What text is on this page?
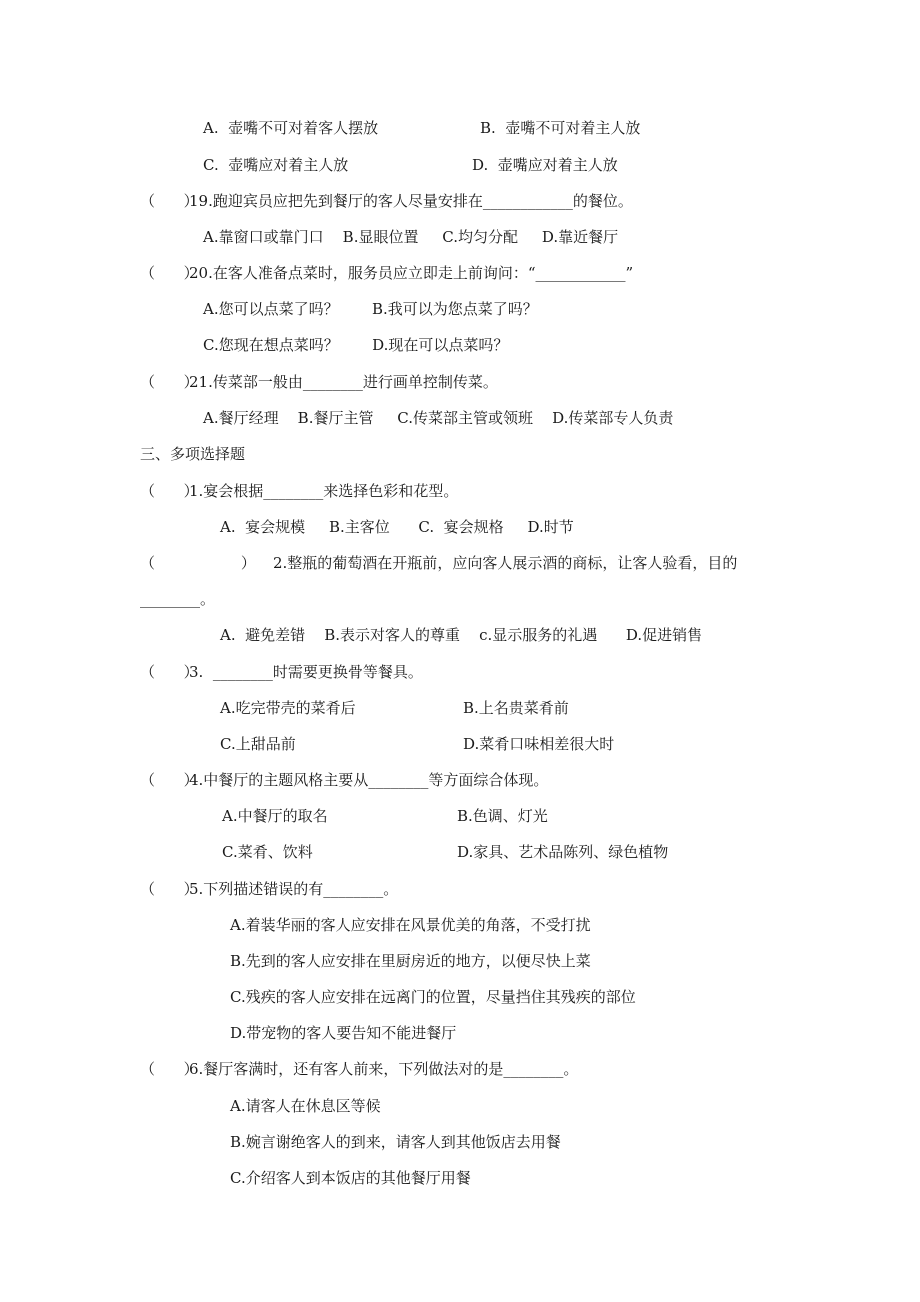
A.  壶嘴不可对着客人摆放	B.  壶嘴不可对着主人放
C.  壶嘴应对着主人放	D.  壶嘴应对着主人放
（      ）
19.跑迎宾员应把先到餐厅的客人尽量安排在____________的餐位。
A.靠窗口或靠门口    B.显眼位置     C.均匀分配     D.靠近餐厅
（      ）
20.在客人准备点菜时，服务员应立即走上前询问：“____________”
A.您可以点菜了吗？       B.我可以为您点菜了吗？
C.您现在想点菜吗？       D.现在可以点菜吗？
（      ）
21.传菜部一般由________进行画单控制传菜。
A.餐厅经理    B.餐厅主管     C.传菜部主管或领班    D.传菜部专人负责
三、多项选择题
（      ）
1.宴会根据________来选择色彩和花型。
A.  宴会规模     B.主客位      C.  宴会规格     D.时节
（                  ） 2.整瓶的葡萄酒在开瓶前，应向客人展示酒的商标，让客人验看，目的
________。
A.  避免差错    B.表示对客人的尊重    c.显示服务的礼遇      D.促进销售
（      ）
3.  ________时需要更换骨等餐具。
A.吃完带壳的菜肴后	B.上名贵菜肴前
C.上甜品前	D.菜肴口味相差很大时
（      ）
4.中餐厅的主题风格主要从________等方面综合体现。
A.中餐厅的取名	B.色调、灯光
C.菜肴、饮料	D.家具、艺术品陈列、绿色植物
（      ）
5.下列描述错误的有________。
A.着装华丽的客人应安排在风景优美的角落，不受打扰
B.先到的客人应安排在里厨房近的地方，以便尽快上菜
C.残疾的客人应安排在远离门的位置，尽量挡住其残疾的部位
D.带宠物的客人要告知不能进餐厅
（      ）
6.餐厅客满时，还有客人前来，下列做法对的是________。
A.请客人在休息区等候
B.婉言谢绝客人的到来，请客人到其他饭店去用餐
C.介绍客人到本饭店的其他餐厅用餐
